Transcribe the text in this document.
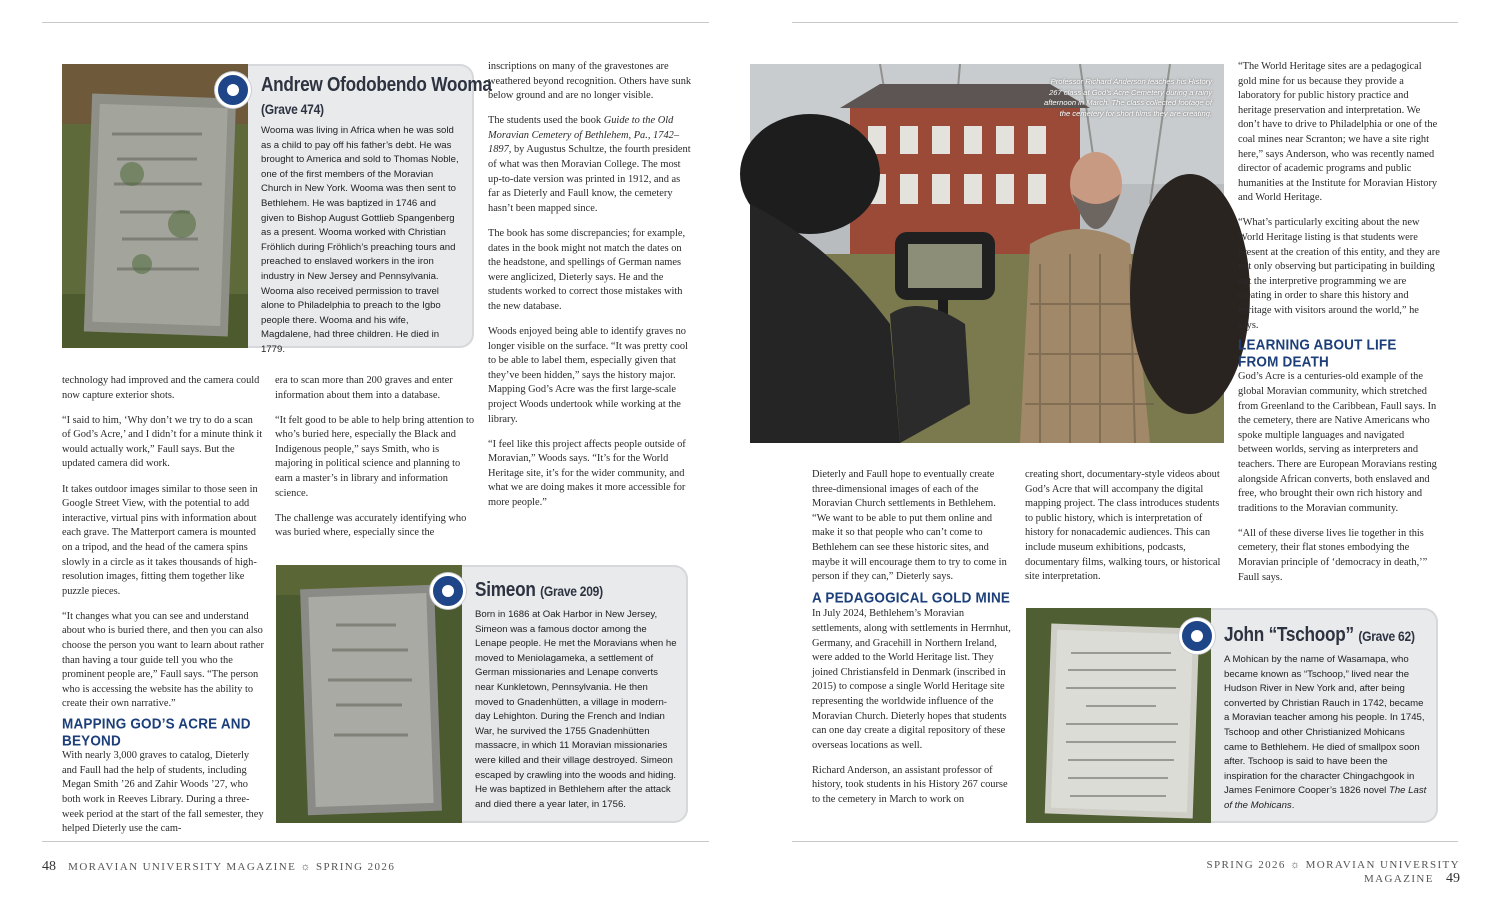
Andrew Ofodobendo Wooma
(Grave 474)
Wooma was living in Africa when he was sold as a child to pay off his father’s debt. He was brought to America and sold to Thomas Noble, one of the first members of the Moravian Church in New York. Wooma was then sent to Bethlehem. He was baptized in 1746 and given to Bishop August Gottlieb Spangenberg as a present. Wooma worked with Christian Fröhlich during Fröhlich’s preaching tours and preached to enslaved workers in the iron industry in New Jersey and Pennsylvania. Wooma also received permission to travel alone to Philadelphia to preach to the Igbo people there. Wooma and his wife, Magdalene, had three children. He died in 1779.

technology had improved and the camera could now capture exterior shots.

“I said to him, ‘Why don’t we try to do a scan of God’s Acre,’ and I didn’t for a minute think it would actually work,” Faull says. But the updated camera did work.

It takes outdoor images similar to those seen in Google Street View, with the potential to add interactive, virtual pins with information about each grave. The Matterport camera is mounted on a tripod, and the head of the camera spins slowly in a circle as it takes thousands of high-resolution images, fitting them together like puzzle pieces.

“It changes what you can see and understand about who is buried there, and then you can also choose the person you want to learn about rather than having a tour guide tell you who the prominent people are,” Faull says. “The person who is accessing the website has the ability to create their own narrative.”

MAPPING GOD’S ACRE AND BEYOND

With nearly 3,000 graves to catalog, Dieterly and Faull had the help of students, including Megan Smith ’26 and Zahir Woods ’27, who both work in Reeves Library. During a three-week period at the start of the fall semester, they helped Dieterly use the cam-

era to scan more than 200 graves and enter information about them into a database.

“It felt good to be able to help bring attention to who’s buried here, especially the Black and Indigenous people,” says Smith, who is majoring in political science and planning to earn a master’s in library and information science.

The challenge was accurately identifying who was buried where, especially since the

inscriptions on many of the gravestones are weathered beyond recognition. Others have sunk below ground and are no longer visible.

The students used the book Guide to the Old Moravian Cemetery of Bethlehem, Pa., 1742–1897, by Augustus Schultze, the fourth president of what was then Moravian College. The most up-to-date version was printed in 1912, and as far as Dieterly and Faull know, the cemetery hasn’t been mapped since.

The book has some discrepancies; for example, dates in the book might not match the dates on the headstone, and spellings of German names were anglicized, Dieterly says. He and the students worked to correct those mistakes with the new database.

Woods enjoyed being able to identify graves no longer visible on the surface. “It was pretty cool to be able to label them, especially given that they’ve been hidden,” says the history major. Mapping God’s Acre was the first large-scale project Woods undertook while working at the library.

“I feel like this project affects people outside of Moravian,” Woods says. “It’s for the World Heritage site, it’s for the wider community, and what we are doing makes it more accessible for more people.”

Simeon (Grave 209)
Born in 1686 at Oak Harbor in New Jersey, Simeon was a famous doctor among the Lenape people. He met the Moravians when he moved to Meniolagameka, a settlement of German missionaries and Lenape converts near Kunkletown, Pennsylvania. He then moved to Gnadenhütten, a village in modern-day Lehighton. During the French and Indian War, he survived the 1755 Gnadenhütten massacre, in which 11 Moravian missionaries were killed and their village destroyed. Simeon escaped by crawling into the woods and hiding. He was baptized in Bethlehem after the attack and died there a year later, in 1756.
48 MORAVIAN UNIVERSITY MAGAZINE ☼ SPRING 2026
Professor Richard Anderson teaches his History 267 class at God’s Acre Cemetery during a rainy afternoon in March. The class collected footage of the cemetery for short films they are creating.

Dieterly and Faull hope to eventually create three-dimensional images of each of the Moravian Church settlements in Bethlehem. “We want to be able to put them online and make it so that people who can’t come to Bethlehem can see these historic sites, and maybe it will encourage them to try to come in person if they can,” Dieterly says.

A PEDAGOGICAL GOLD MINE

In July 2024, Bethlehem’s Moravian settlements, along with settlements in Herrnhut, Germany, and Gracehill in Northern Ireland, were added to the World Heritage list. They joined Christiansfeld in Denmark (inscribed in 2015) to compose a single World Heritage site representing the worldwide influence of the Moravian Church. Dieterly hopes that students can one day create a digital repository of these overseas locations as well.

Richard Anderson, an assistant professor of history, took students in his History 267 course to the cemetery in March to work on

creating short, documentary-style videos about God’s Acre that will accompany the digital mapping project. The class introduces students to public history, which is interpretation of history for nonacademic audiences. This can include museum exhibitions, podcasts, documentary films, walking tours, or historical site interpretation.

“The World Heritage sites are a pedagogical gold mine for us because they provide a laboratory for public history practice and heritage preservation and interpretation. We don’t have to drive to Philadelphia or one of the coal mines near Scranton; we have a site right here,” says Anderson, who was recently named director of academic programs and public humanities at the Institute for Moravian History and World Heritage.

“What’s particularly exciting about the new World Heritage listing is that students were present at the creation of this entity, and they are not only observing but participating in building out the interpretive programming we are creating in order to share this history and heritage with visitors around the world,” he says.

LEARNING ABOUT LIFE FROM DEATH

God’s Acre is a centuries-old example of the global Moravian community, which stretched from Greenland to the Caribbean, Faull says. In the cemetery, there are Native Americans who spoke multiple languages and navigated between worlds, serving as interpreters and teachers. There are European Moravians resting alongside African converts, both enslaved and free, who brought their own rich history and traditions to the Moravian community.

“All of these diverse lives lie together in this cemetery, their flat stones embodying the Moravian principle of ‘democracy in death,’” Faull says.

John “Tschoop” (Grave 62)
A Mohican by the name of Wasamapa, who became known as “Tschoop,” lived near the Hudson River in New York and, after being converted by Christian Rauch in 1742, became a Moravian teacher among his people. In 1745, Tschoop and other Christianized Mohicans came to Bethlehem. He died of smallpox soon after. Tschoop is said to have been the inspiration for the character Chingachgook in James Fenimore Cooper’s 1826 novel The Last of the Mohicans.
SPRING 2026 ☼ MORAVIAN UNIVERSITY MAGAZINE 49
